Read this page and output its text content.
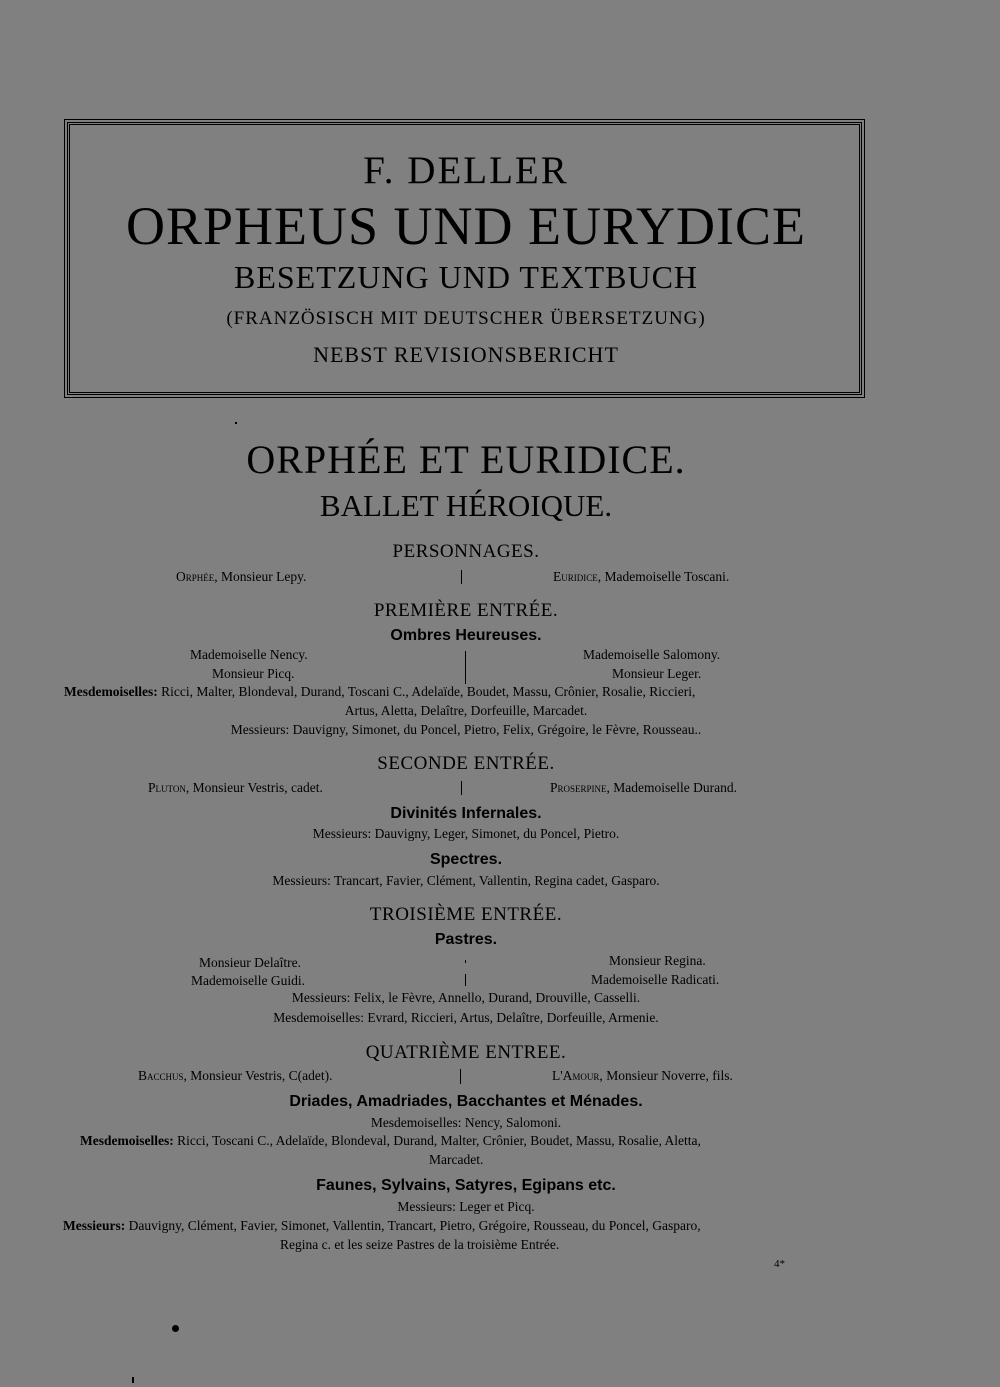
F. DELLER
ORPHEUS UND EURYDICE
BESETZUNG UND TEXTBUCH
(FRANZÖSISCH MIT DEUTSCHER ÜBERSETZUNG)
NEBST REVISIONSBERICHT
ORPHÉE ET EURIDICE.
BALLET HÉROIQUE.
PERSONNAGES.
Orphée, Monsieur Lepy.	Euridice, Mademoiselle Toscani.
PREMIÈRE ENTRÉE.
Ombres Heureuses.
Mademoiselle Nency.	Mademoiselle Salomony.
Monsieur Picq.	Monsieur Leger.
Mesdemoiselles: Ricci, Malter, Blondeval, Durand, Toscani C., Adelaïde, Boudet, Massu, Crônier, Rosalie, Riccieri,
Artus, Aletta, Delaître, Dorfeuille, Marcadet.
Messieurs: Dauvigny, Simonet, du Poncel, Pietro, Felix, Grégoire, le Fèvre, Rousseau..
SECONDE ENTRÉE.
Pluton, Monsieur Vestris, cadet.	Proserpine, Mademoiselle Durand.
Divinités Infernales.
Messieurs: Dauvigny, Leger, Simonet, du Poncel, Pietro.
Spectres.
Messieurs: Trancart, Favier, Clément, Vallentin, Regina cadet, Gasparo.
TROISIÈME ENTRÉE.
Pastres.
Monsieur Delaître.	Monsieur Regina.
Mademoiselle Guidi.	Mademoiselle Radicati.
Messieurs: Felix, le Fèvre, Annello, Durand, Drouville, Casselli.
Mesdemoiselles: Evrard, Riccieri, Artus, Delaître, Dorfeuille, Armenie.
QUATRIÈME ENTREE.
Bacchus, Monsieur Vestris, C(adet).	L'Amour, Monsieur Noverre, fils.
Driades, Amadriades, Bacchantes et Ménades.
Mesdemoiselles: Nency, Salomoni.
Mesdemoiselles: Ricci, Toscani C., Adelaïde, Blondeval, Durand, Malter, Crônier, Boudet, Massu, Rosalie, Aletta,
Marcadet.
Faunes, Sylvains, Satyres, Egipans etc.
Messieurs: Leger et Picq.
Messieurs: Dauvigny, Clément, Favier, Simonet, Vallentin, Trancart, Pietro, Grégoire, Rousseau, du Poncel, Gasparo,
Regina c. et les seize Pastres de la troisième Entrée.
4*
